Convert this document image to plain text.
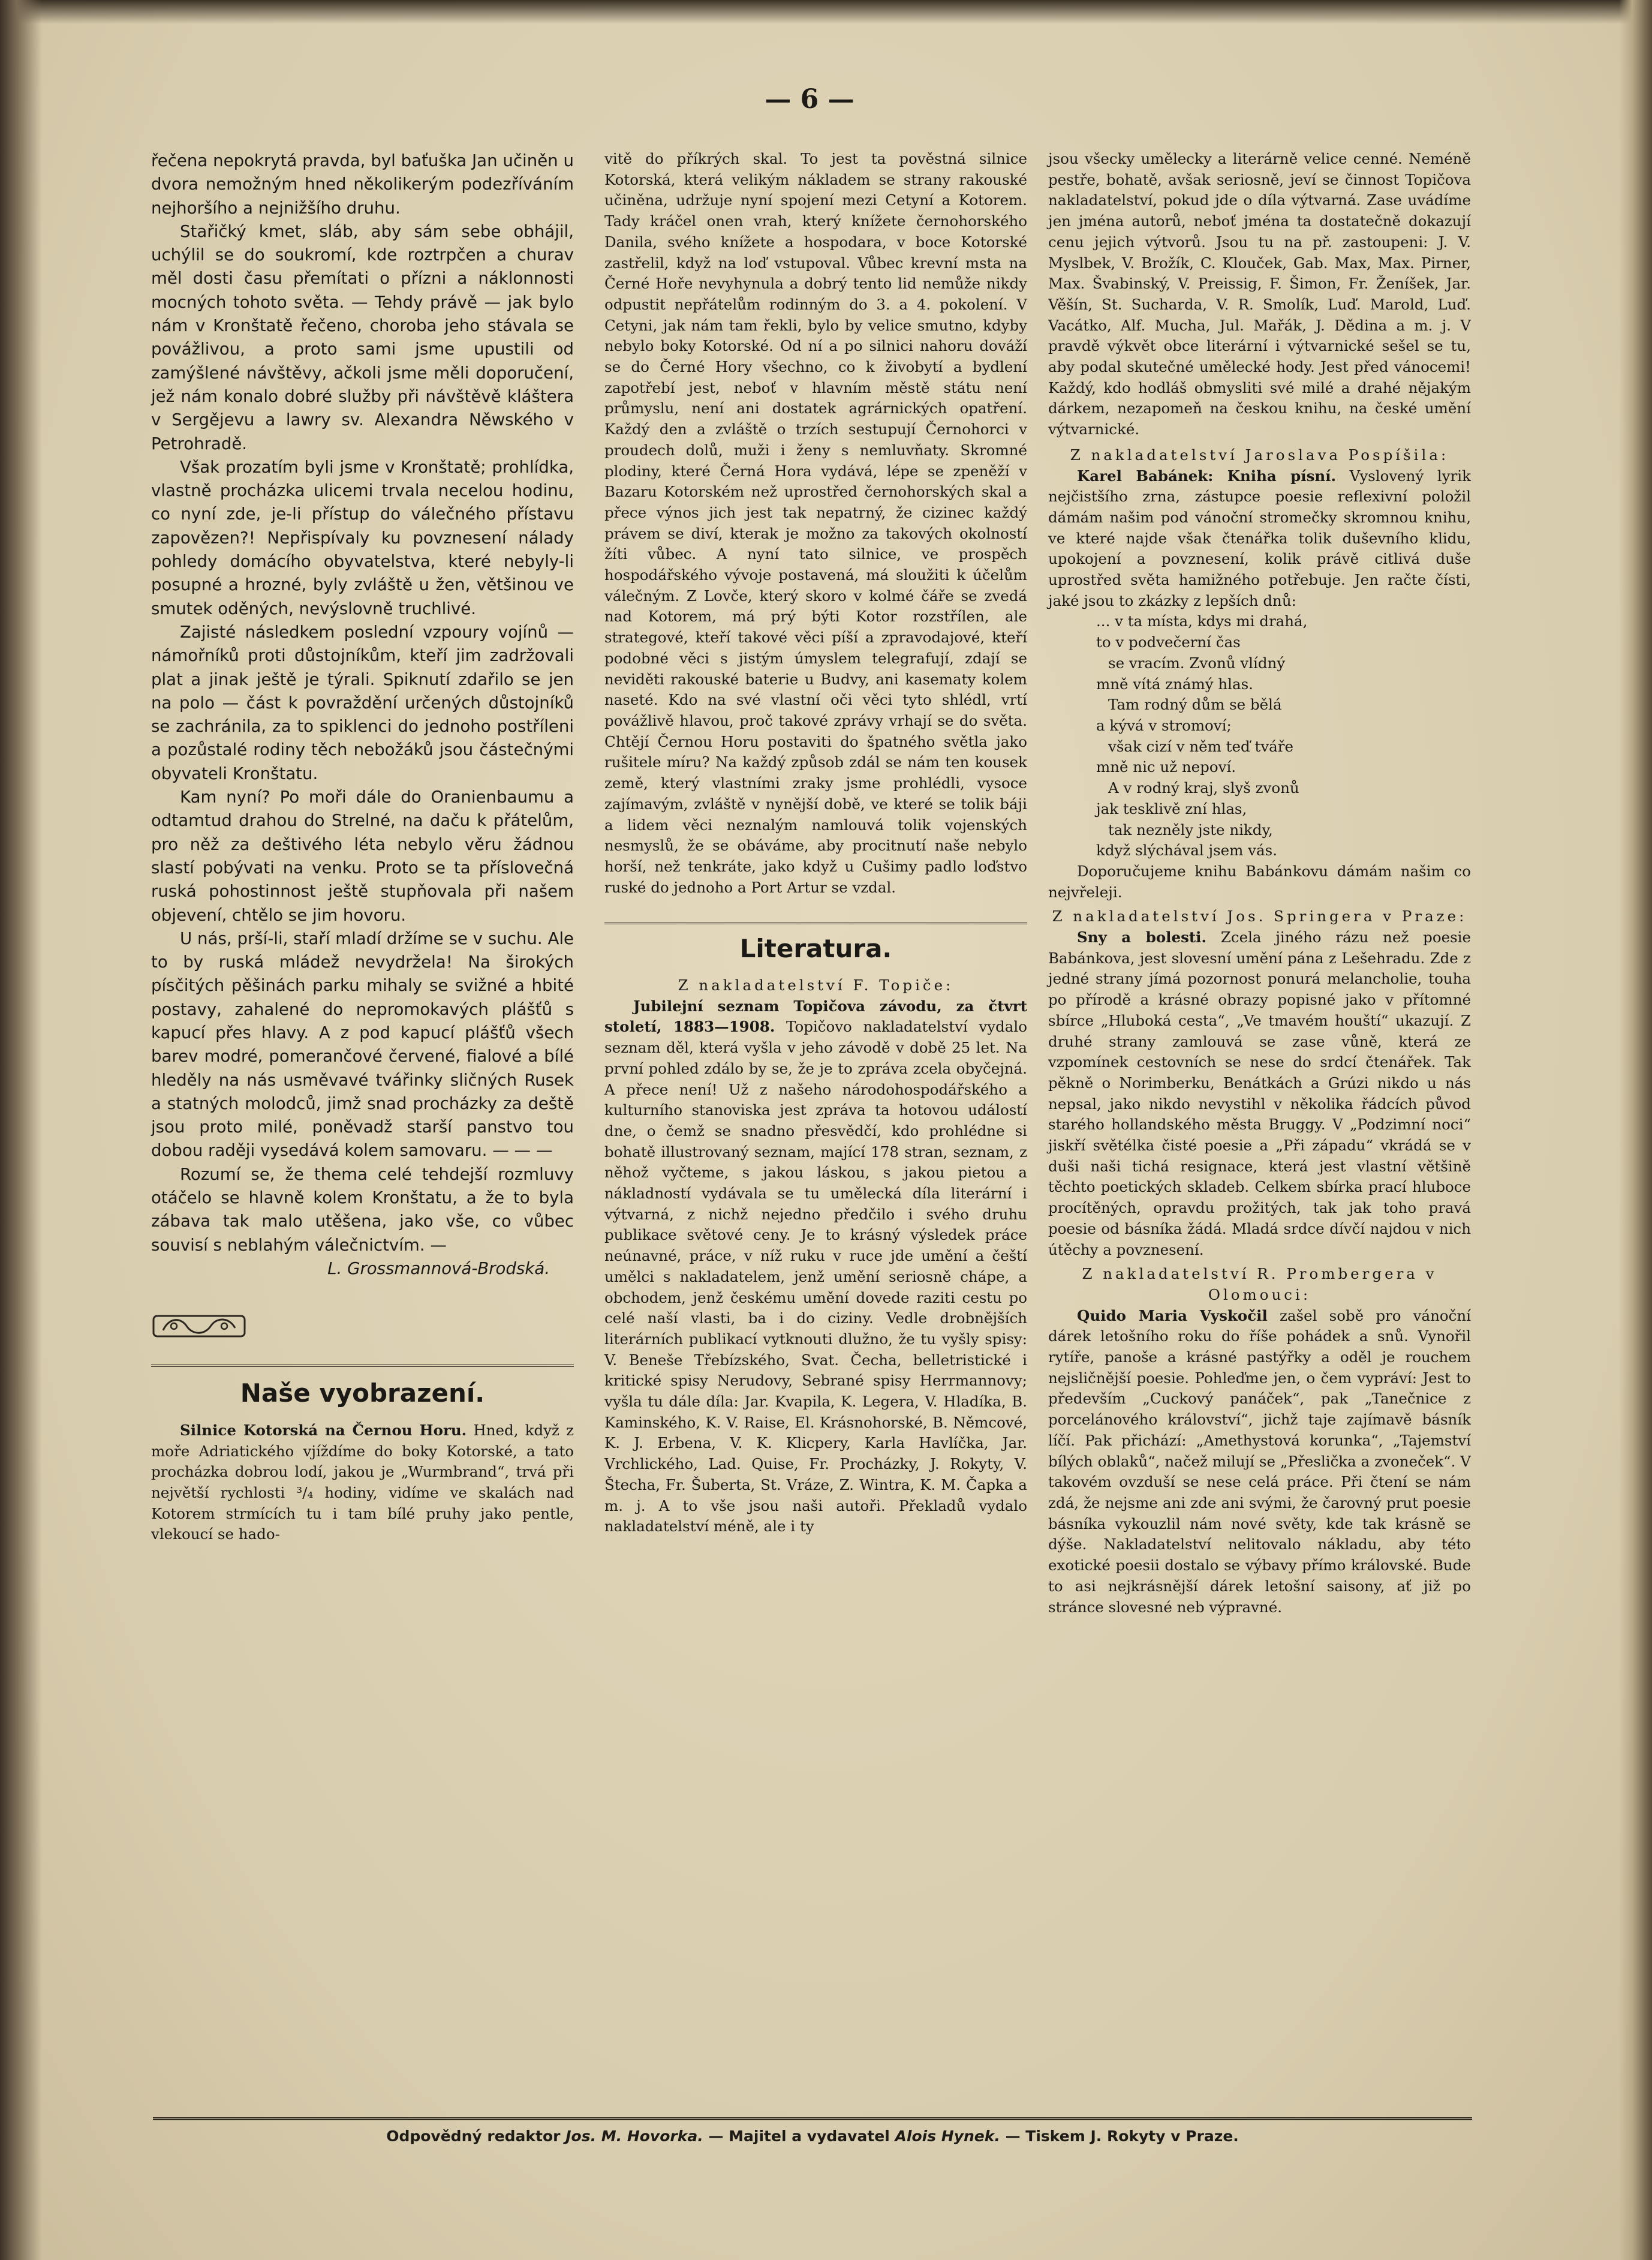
— 6 —

řečena nepokrytá pravda, byl baťuška Jan učiněn u dvora nemožným hned několikerým podezříváním nejhoršího a nejnižšího druhu.

Stařičký kmet, sláb, aby sám sebe obhájil, uchýlil se do soukromí, kde roztrpčen a churav měl dosti času přemítati o přízni a náklonnosti mocných tohoto světa. — Tehdy právě — jak bylo nám v Kronštatě řečeno, choroba jeho stávala se povážlivou, a proto sami jsme upustili od zamýšlené návštěvy, ačkoli jsme měli doporučení, jež nám konalo dobré služby při návštěvě kláštera v Sergějevu a lawry sv. Alexandra Něwského v Petrohradě.

Však prozatím byli jsme v Kronštatě; prohlídka, vlastně procházka ulicemi trvala necelou hodinu, co nyní zde, je-li přístup do válečného přístavu zapovězen?! Nepřispívaly ku povznesení nálady pohledy domácího obyvatelstva, které nebyly-li posupné a hrozné, byly zvláště u žen, většinou ve smutek oděných, nevýslovně truchlivé.

Zajisté následkem poslední vzpoury vojínů — námořníků proti důstojníkům, kteří jim zadržovali plat a jinak ještě je týrali. Spiknutí zdařilo se jen na polo — část k povraždění určených důstojníků se zachránila, za to spiklenci do jednoho postříleni a pozůstalé rodiny těch nebožáků jsou částečnými obyvateli Kronštatu.

Kam nyní? Po moři dále do Oranienbaumu a odtamtud drahou do Strelné, na daču k přátelům, pro něž za deštivého léta nebylo věru žádnou slastí pobývati na venku. Proto se ta příslovečná ruská pohostinnost ještě stupňovala při našem objevení, chtělo se jim hovoru.

U nás, prší-li, staří mladí držíme se v suchu. Ale to by ruská mládež nevydržela! Na širokých písčitých pěšinách parku mihaly se svižné a hbité postavy, zahalené do nepromokavých plášťů s kapucí přes hlavy. A z pod kapucí plášťů všech barev modré, pomerančové červené, fialové a bílé hleděly na nás usměvavé tvářinky sličných Rusek a statných molodců, jimž snad procházky za deště jsou proto milé, poněvadž starší panstvo tou dobou raději vysedává kolem samovaru. — — —

Rozumí se, že thema celé tehdejší rozmluvy otáčelo se hlavně kolem Kronštatu, a že to byla zábava tak malo utěšena, jako vše, co vůbec souvisí s neblahým válečnictvím. —

L. Grossmannová-Brodská.

Naše vyobrazení.

Silnice Kotorská na Černou Horu. Hned, když z moře Adriatického vjíždíme do boky Kotorské, a tato procházka dobrou lodí, jakou je „Wurmbrand“, trvá při největší rychlosti ³/₄ hodiny, vidíme ve skalách nad Kotorem strmících tu i tam bílé pruhy jako pentle, vlekoucí se hado-

vitě do příkrých skal. To jest ta pověstná silnice Kotorská, která velikým nákladem se strany rakouské učiněna, udržuje nyní spojení mezi Cetyní a Kotorem. Tady kráčel onen vrah, který knížete černohorského Danila, svého knížete a hospodara, v boce Kotorské zastřelil, když na loď vstupoval. Vůbec krevní msta na Černé Hoře nevyhynula a dobrý tento lid nemůže nikdy odpustit nepřátelům rodinným do 3. a 4. pokolení. V Cetyni, jak nám tam řekli, bylo by velice smutno, kdyby nebylo boky Kotorské. Od ní a po silnici nahoru dováží se do Černé Hory všechno, co k živobytí a bydlení zapotřebí jest, neboť v hlavním městě státu není průmyslu, není ani dostatek agrárnických opatření. Každý den a zvláště o trzích sestupují Černohorci v proudech dolů, muži i ženy s nemluvňaty. Skromné plodiny, které Černá Hora vydává, lépe se zpeněží v Bazaru Kotorském než uprostřed černohorských skal a přece výnos jich jest tak nepatrný, že cizinec každý právem se diví, kterak je možno za takových okolností žíti vůbec. A nyní tato silnice, ve prospěch hospodářského vývoje postavená, má sloužiti k účelům válečným. Z Lovče, který skoro v kolmé čáře se zvedá nad Kotorem, má prý býti Kotor rozstřílen, ale strategové, kteří takové věci píší a zpravodajové, kteří podobné věci s jistým úmyslem telegrafují, zdají se neviděti rakouské baterie u Budvy, ani kasematy kolem naseté. Kdo na své vlastní oči věci tyto shlédl, vrtí povážlivě hlavou, proč takové zprávy vrhají se do světa. Chtějí Černou Horu postaviti do špatného světla jako rušitele míru? Na každý způsob zdál se nám ten kousek země, který vlastními zraky jsme prohlédli, vysoce zajímavým, zvláště v nynější době, ve které se tolik báji a lidem věci neznalým namlouvá tolik vojenských nesmyslů, že se obáváme, aby procitnutí naše nebylo horší, než tenkráte, jako když u Cušimy padlo loďstvo ruské do jednoho a Port Artur se vzdal.

Literatura.

Z nakladatelství F. Topiče:

Jubilejní seznam Topičova závodu, za čtvrt století, 1883—1908. Topičovo nakladatelství vydalo seznam děl, která vyšla v jeho závodě v době 25 let. Na první pohled zdálo by se, že je to zpráva zcela obyčejná. A přece není! Už z našeho národohospodářského a kulturního stanoviska jest zpráva ta hotovou událostí dne, o čemž se snadno přesvědčí, kdo prohlédne si bohatě illustrovaný seznam, mající 178 stran, seznam, z něhož vyčteme, s jakou láskou, s jakou pietou a nákladností vydávala se tu umělecká díla literární i výtvarná, z nichž nejedno předčilo i svého druhu publikace světové ceny. Je to krásný výsledek práce neúnavné, práce, v níž ruku v ruce jde umění a čeští umělci s nakladatelem, jenž umění seriosně chápe, a obchodem, jenž českému umění dovede raziti cestu po celé naší vlasti, ba i do ciziny. Vedle drobnějších literárních publikací vytknouti dlužno, že tu vyšly spisy: V. Beneše Třebízského, Svat. Čecha, belletristické i kritické spisy Nerudovy, Sebrané spisy Herrmannovy; vyšla tu dále díla: Jar. Kvapila, K. Legera, V. Hladíka, B. Kaminského, K. V. Raise, El. Krásnohorské, B. Němcové, K. J. Erbena, V. K. Klicpery, Karla Havlíčka, Jar. Vrchlického, Lad. Quise, Fr. Procházky, J. Rokyty, V. Štecha, Fr. Šuberta, St. Vráze, Z. Wintra, K. M. Čapka a m. j. A to vše jsou naši autoři. Překladů vydalo nakladatelství méně, ale i ty

jsou všecky umělecky a literárně velice cenné. Neméně pestře, bohatě, avšak seriosně, jeví se činnost Topičova nakladatelství, pokud jde o díla výtvarná. Zase uvádíme jen jména autorů, neboť jména ta dostatečně dokazují cenu jejich výtvorů. Jsou tu na př. zastoupeni: J. V. Myslbek, V. Brožík, C. Klouček, Gab. Max, Max. Pirner, Max. Švabinský, V. Preissig, F. Šimon, Fr. Ženíšek, Jar. Věšín, St. Sucharda, V. R. Smolík, Luď. Marold, Luď. Vacátko, Alf. Mucha, Jul. Mařák, J. Dědina a m. j. V pravdě výkvět obce literární i výtvarnické sešel se tu, aby podal skutečné umělecké hody. Jest před vánocemi! Každý, kdo hodláš obmysliti své milé a drahé nějakým dárkem, nezapomeň na českou knihu, na české umění výtvarnické.

Z nakladatelství Jaroslava Pospíšila:

Karel Babánek: Kniha písní. Vyslovený lyrik nejčistšího zrna, zástupce poesie reflexivní položil dámám našim pod vánoční stromečky skromnou knihu, ve které najde však čtenářka tolik duševního klidu, upokojení a povznesení, kolik právě citlivá duše uprostřed světa hamižného potřebuje. Jen račte čísti, jaké jsou to zkázky z lepších dnů:

... v ta místa, kdys mi drahá,
to v podvečerní čas
se vracím. Zvonů vlídný
mně vítá známý hlas.
Tam rodný dům se bělá
a kývá v stromoví;
však cizí v něm teď tváře
mně nic už nepoví.
A v rodný kraj, slyš zvonů
jak tesklivě zní hlas,
tak nezněly jste nikdy,
když slýchával jsem vás.

Doporučujeme knihu Babánkovu dámám našim co nejvřeleji.

Z nakladatelství Jos. Springera v Praze:

Sny a bolesti. Zcela jiného rázu než poesie Babánkova, jest slovesní umění pána z Lešehradu. Zde z jedné strany jímá pozornost ponurá melancholie, touha po přírodě a krásné obrazy popisné jako v přítomné sbírce „Hluboká cesta“, „Ve tmavém houští“ ukazují. Z druhé strany zamlouvá se zase vůně, která ze vzpomínek cestovních se nese do srdcí čtenářek. Tak pěkně o Norimberku, Benátkách a Grúzi nikdo u nás nepsal, jako nikdo nevystihl v několika řádcích původ starého hollandského města Bruggy. V „Podzimní noci“ jiskří světélka čisté poesie a „Při západu“ vkrádá se v duši naši tichá resignace, která jest vlastní většině těchto poetických skladeb. Celkem sbírka prací hluboce procítěných, opravdu prožitých, tak jak toho pravá poesie od básníka žádá. Mladá srdce dívčí najdou v nich útěchy a povznesení.

Z nakladatelství R. Prombergera v Olomouci:

Quido Maria Vyskočil zašel sobě pro vánoční dárek letošního roku do říše pohádek a snů. Vynořil rytíře, panoše a krásné pastýřky a oděl je rouchem nejsličnější poesie. Pohleďme jen, o čem vypráví: Jest to především „Cuckový panáček“, pak „Tanečnice z porcelánového království“, jichž taje zajímavě básník líčí. Pak přichází: „Amethystová korunka“, „Tajemství bílých oblaků“, načež milují se „Přeslička a zvoneček“. V takovém ovzduší se nese celá práce. Při čtení se nám zdá, že nejsme ani zde ani svými, že čarovný prut poesie básníka vykouzlil nám nové světy, kde tak krásně se dýše. Nakladatelství nelitovalo nákladu, aby této exotické poesii dostalo se výbavy přímo královské. Bude to asi nejkrásnější dárek letošní saisony, ať již po stránce slovesné neb výpravné.

Odpovědný redaktor Jos. M. Hovorka. — Majitel a vydavatel Alois Hynek. — Tiskem J. Rokyty v Praze.
